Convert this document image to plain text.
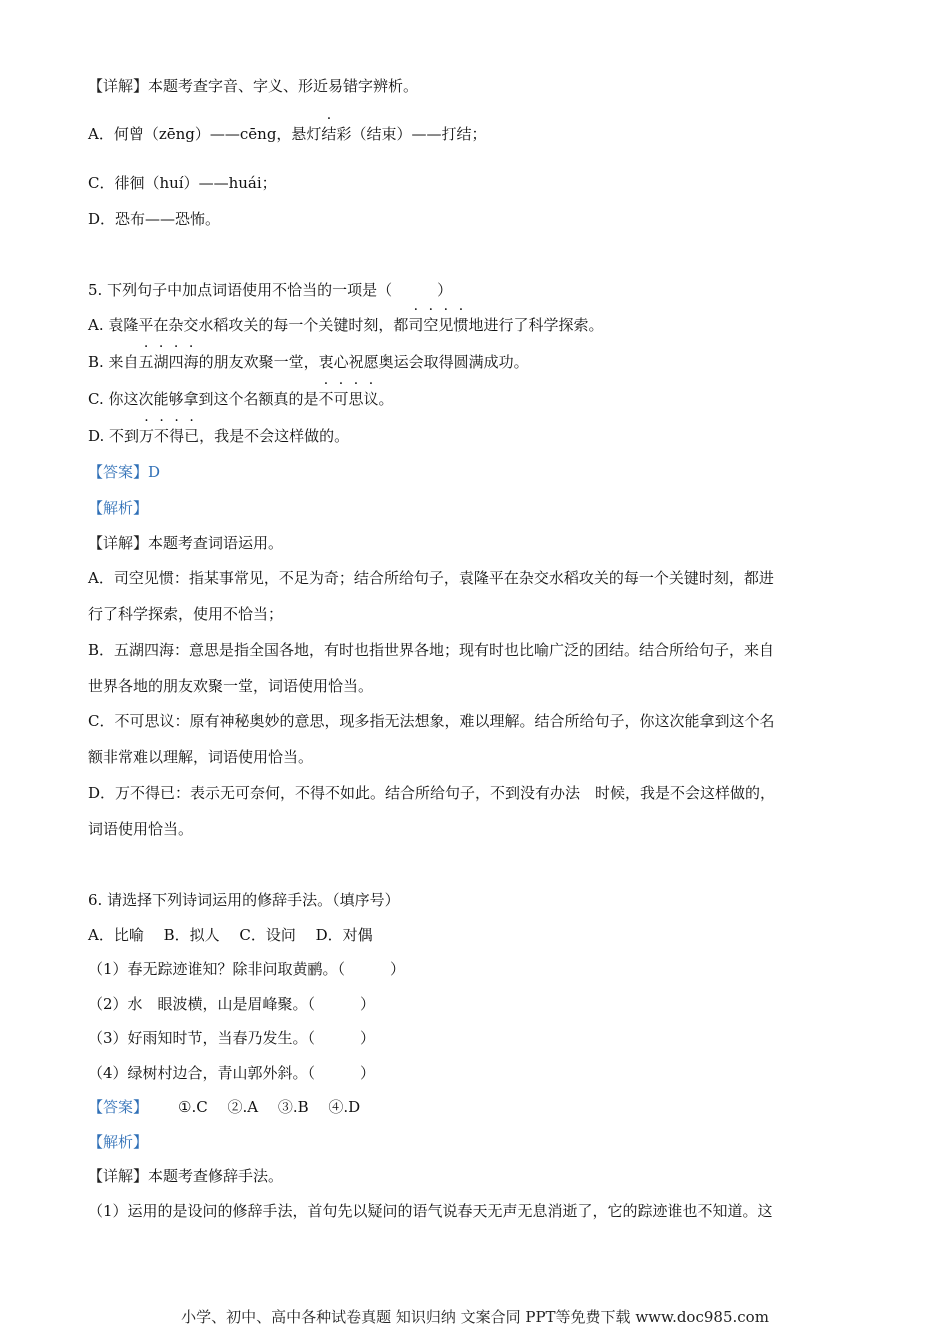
【详解】本题考查字音、字义、形近易错字辨析。
A．何曾（zēng）——cēng，悬灯结彩（结束）——打结；
C．徘徊（huí）——huái；
D．恐布——恐怖。
5. 下列句子中加点词语使用不恰当的一项是（　　　）
A. 袁隆平在杂交水稻攻关的每一个关键时刻，都司空见惯地进行了科学探索。
B. 来自五湖四海的朋友欢聚一堂，衷心祝愿奥运会取得圆满成功。
C. 你这次能够拿到这个名额真的是不可思议。
D. 不到万不得已，我是不会这样做的。
【答案】D
【解析】
【详解】本题考查词语运用。
A．司空见惯：指某事常见，不足为奇；结合所给句子，袁隆平在杂交水稻攻关的每一个关键时刻，都进
行了科学探索，使用不恰当；
B．五湖四海：意思是指全国各地，有时也指世界各地；现有时也比喻广泛的团结。结合所给句子，来自
世界各地的朋友欢聚一堂，词语使用恰当。
C．不可思议：原有神秘奥妙的意思，现多指无法想象，难以理解。结合所给句子，你这次能拿到这个名
额非常难以理解，词语使用恰当。
D．万不得已：表示无可奈何，不得不如此。结合所给句子，不到没有办法　时候，我是不会这样做的，
词语使用恰当。
6. 请选择下列诗词运用的修辞手法。（填序号）
A．比喻　 B．拟人　 C．设问　 D．对偶
（1）春无踪迹谁知？除非问取黄鹂。（　　　）
（2）水　眼波横，山是眉峰聚。（　　　）
（3）好雨知时节，当春乃发生。（　　　）
（4）绿树村边合，青山郭外斜。（　　　）
【答案】 ①.C　 ②.A　 ③.B　 ④.D
【解析】
【详解】本题考查修辞手法。
（1）运用的是设问的修辞手法，首句先以疑问的语气说春天无声无息消逝了，它的踪迹谁也不知道。这
小学、初中、高中各种试卷真题 知识归纳 文案合同 PPT等免费下载 www.doc985.com
